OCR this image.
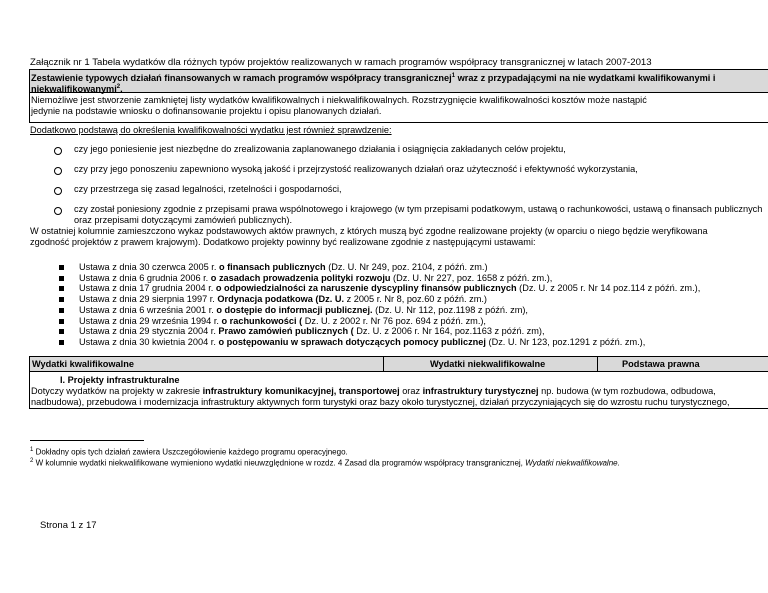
Załącznik nr 1 Tabela wydatków dla różnych typów projektów realizowanych w ramach programów współpracy transgranicznej w latach 2007-2013
Zestawienie typowych działań finansowanych w ramach programów współpracy transgranicznej$^1$ wraz z przypadającymi na nie wydatkami kwalifikowanymi i
niekwalifikowanymi$^2$.
Niemożliwe jest stworzenie zamkniętej listy wydatków kwalifikowalnych i niekwalifikowalnych. Rozstrzygnięcie kwalifikowalności kosztów może nastąpić
jedynie na podstawie wniosku o dofinansowanie projektu i opisu planowanych działań.
Dodatkowo podstawą do określenia kwalifikowalności wydatku jest również sprawdzenie:
czy jego poniesienie jest niezbędne do zrealizowania zaplanowanego działania i osiągnięcia zakładanych celów projektu,
czy przy jego ponoszeniu zapewniono wysoką jakość i przejrzystość realizowanych działań oraz użyteczność i efektywność wykorzystania,
czy przestrzega się zasad legalności, rzetelności i gospodarności,
czy został poniesiony zgodnie z przepisami prawa wspólnotowego i krajowego (w tym przepisami podatkowym, ustawą o rachunkowości, ustawą o finansach publicznych
oraz przepisami dotyczącymi zamówień publicznych).
W ostatniej kolumnie zamieszczono wykaz podstawowych aktów prawnych, z których muszą być zgodne realizowane projekty (w oparciu o niego będzie weryfikowana
zgodność projektów z prawem krajowym). Dodatkowo projekty powinny być realizowane zgodnie z następującymi ustawami:
Ustawa z dnia 30 czerwca 2005 r. o finansach publicznych (Dz. U. Nr 249, poz. 2104, z późń. zm.)
Ustawa z dnia 6 grudnia 2006 r. o zasadach prowadzenia polityki rozwoju (Dz. U. Nr 227, poz. 1658 z późń. zm.),
Ustawa z dnia 17 grudnia 2004 r. o odpowiedzialności za naruszenie dyscypliny finansów publicznych (Dz. U. z 2005 r. Nr 14 poz.114 z późń. zm.),
Ustawa z dnia 29 sierpnia 1997 r. Ordynacja podatkowa (Dz. U. z 2005 r. Nr 8, poz.60 z późń. zm.)
Ustawa z dnia 6 września 2001 r. o dostępie do informacji publicznej. (Dz. U. Nr 112, poz.1198 z późń. zm),
Ustawa z dnia 29 września 1994 r. o rachunkowości ( Dz. U. z 2002 r. Nr 76 poz. 694 z późń. zm.),
Ustawa z dnia 29 stycznia 2004 r. Prawo zamówień publicznych ( Dz. U. z 2006 r. Nr 164, poz.1163 z późń. zm),
Ustawa z dnia 30 kwietnia 2004 r. o postępowaniu w sprawach dotyczących pomocy publicznej (Dz. U. Nr 123, poz.1291 z późń. zm.),
Wydatki kwalifikowalne	Wydatki niekwalifikowalne	Podstawa prawna
I. Projekty infrastrukturalne
Dotyczy wydatków na projekty w zakresie infrastruktury komunikacyjnej, transportowej oraz infrastruktury turystycznej np. budowa (w tym rozbudowa, odbudowa,
nadbudowa), przebudowa i modernizacja infrastruktury aktywnych form turystyki oraz bazy około turystycznej, działań przyczyniających się do wzrostu ruchu turystycznego,
$^1$ Dokładny opis tych działań zawiera Uszczegółowienie każdego programu operacyjnego.
$^2$ W kolumnie wydatki niekwalifikowane wymieniono wydatki nieuwzględnione w rozdz. 4 Zasad dla programów współpracy transgranicznej, Wydatki niekwalifikowalne.
Strona 1 z 17
